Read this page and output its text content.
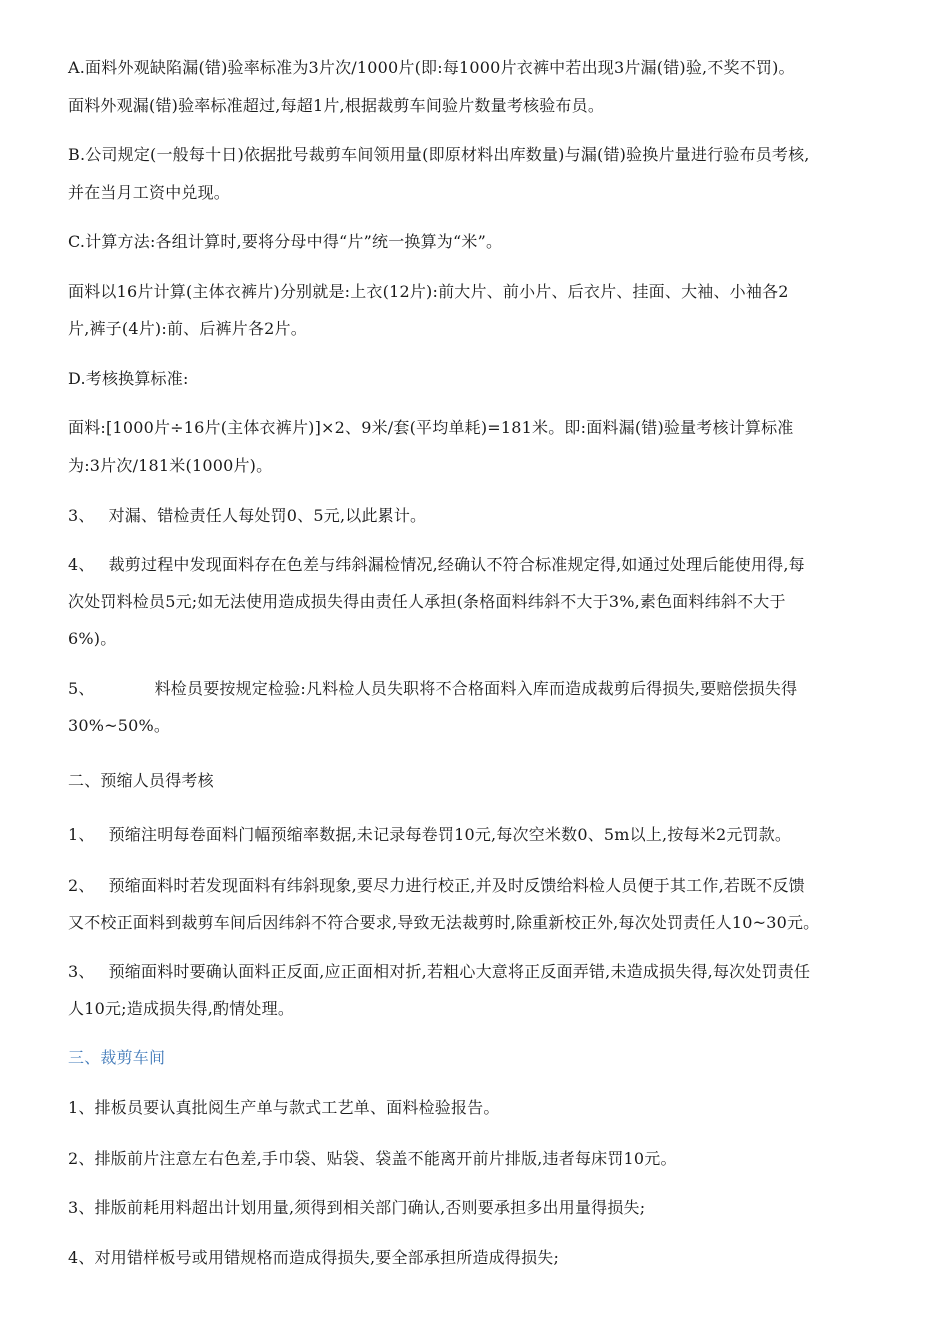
A.面料外观缺陷漏(错)验率标准为3片次/1000片(即:每1000片衣裤中若出现3片漏(错)验,不奖不罚)。
面料外观漏(错)验率标准超过,每超1片,根据裁剪车间验片数量考核验布员。
B.公司规定(一般每十日)依据批号裁剪车间领用量(即原材料出库数量)与漏(错)验换片量进行验布员考核,
并在当月工资中兑现。
C.计算方法:各组计算时,要将分母中得“片”统一换算为“米”。
面料以16片计算(主体衣裤片)分别就是:上衣(12片):前大片、前小片、后衣片、挂面、大袖、小袖各2
片,裤子(4片):前、后裤片各2片。
D.考核换算标准:
面料:[1000片÷16片(主体衣裤片)]×2、9米/套(平均单耗)=181米。即:面料漏(错)验量考核计算标准
为:3片次/181米(1000片)。
3、 对漏、错检责任人每处罚0、5元,以此累计。
4、 裁剪过程中发现面料存在色差与纬斜漏检情况,经确认不符合标准规定得,如通过处理后能使用得,每
次处罚料检员5元;如无法使用造成损失得由责任人承担(条格面料纬斜不大于3%,素色面料纬斜不大于
6%)。
5、	料检员要按规定检验:凡料检人员失职将不合格面料入库而造成裁剪后得损失,要赔偿损失得
30%~50%。
二、预缩人员得考核
1、 预缩注明每卷面料门幅预缩率数据,未记录每卷罚10元,每次空米数0、5m以上,按每米2元罚款。
2、 预缩面料时若发现面料有纬斜现象,要尽力进行校正,并及时反馈给料检人员便于其工作,若既不反馈
又不校正面料到裁剪车间后因纬斜不符合要求,导致无法裁剪时,除重新校正外,每次处罚责任人10~30元。
3、 预缩面料时要确认面料正反面,应正面相对折,若粗心大意将正反面弄错,未造成损失得,每次处罚责任
人10元;造成损失得,酌情处理。
三、裁剪车间
1、排板员要认真批阅生产单与款式工艺单、面料检验报告。
2、排版前片注意左右色差,手巾袋、贴袋、袋盖不能离开前片排版,违者每床罚10元。
3、排版前耗用料超出计划用量,须得到相关部门确认,否则要承担多出用量得损失;
4、对用错样板号或用错规格而造成得损失,要全部承担所造成得损失;
